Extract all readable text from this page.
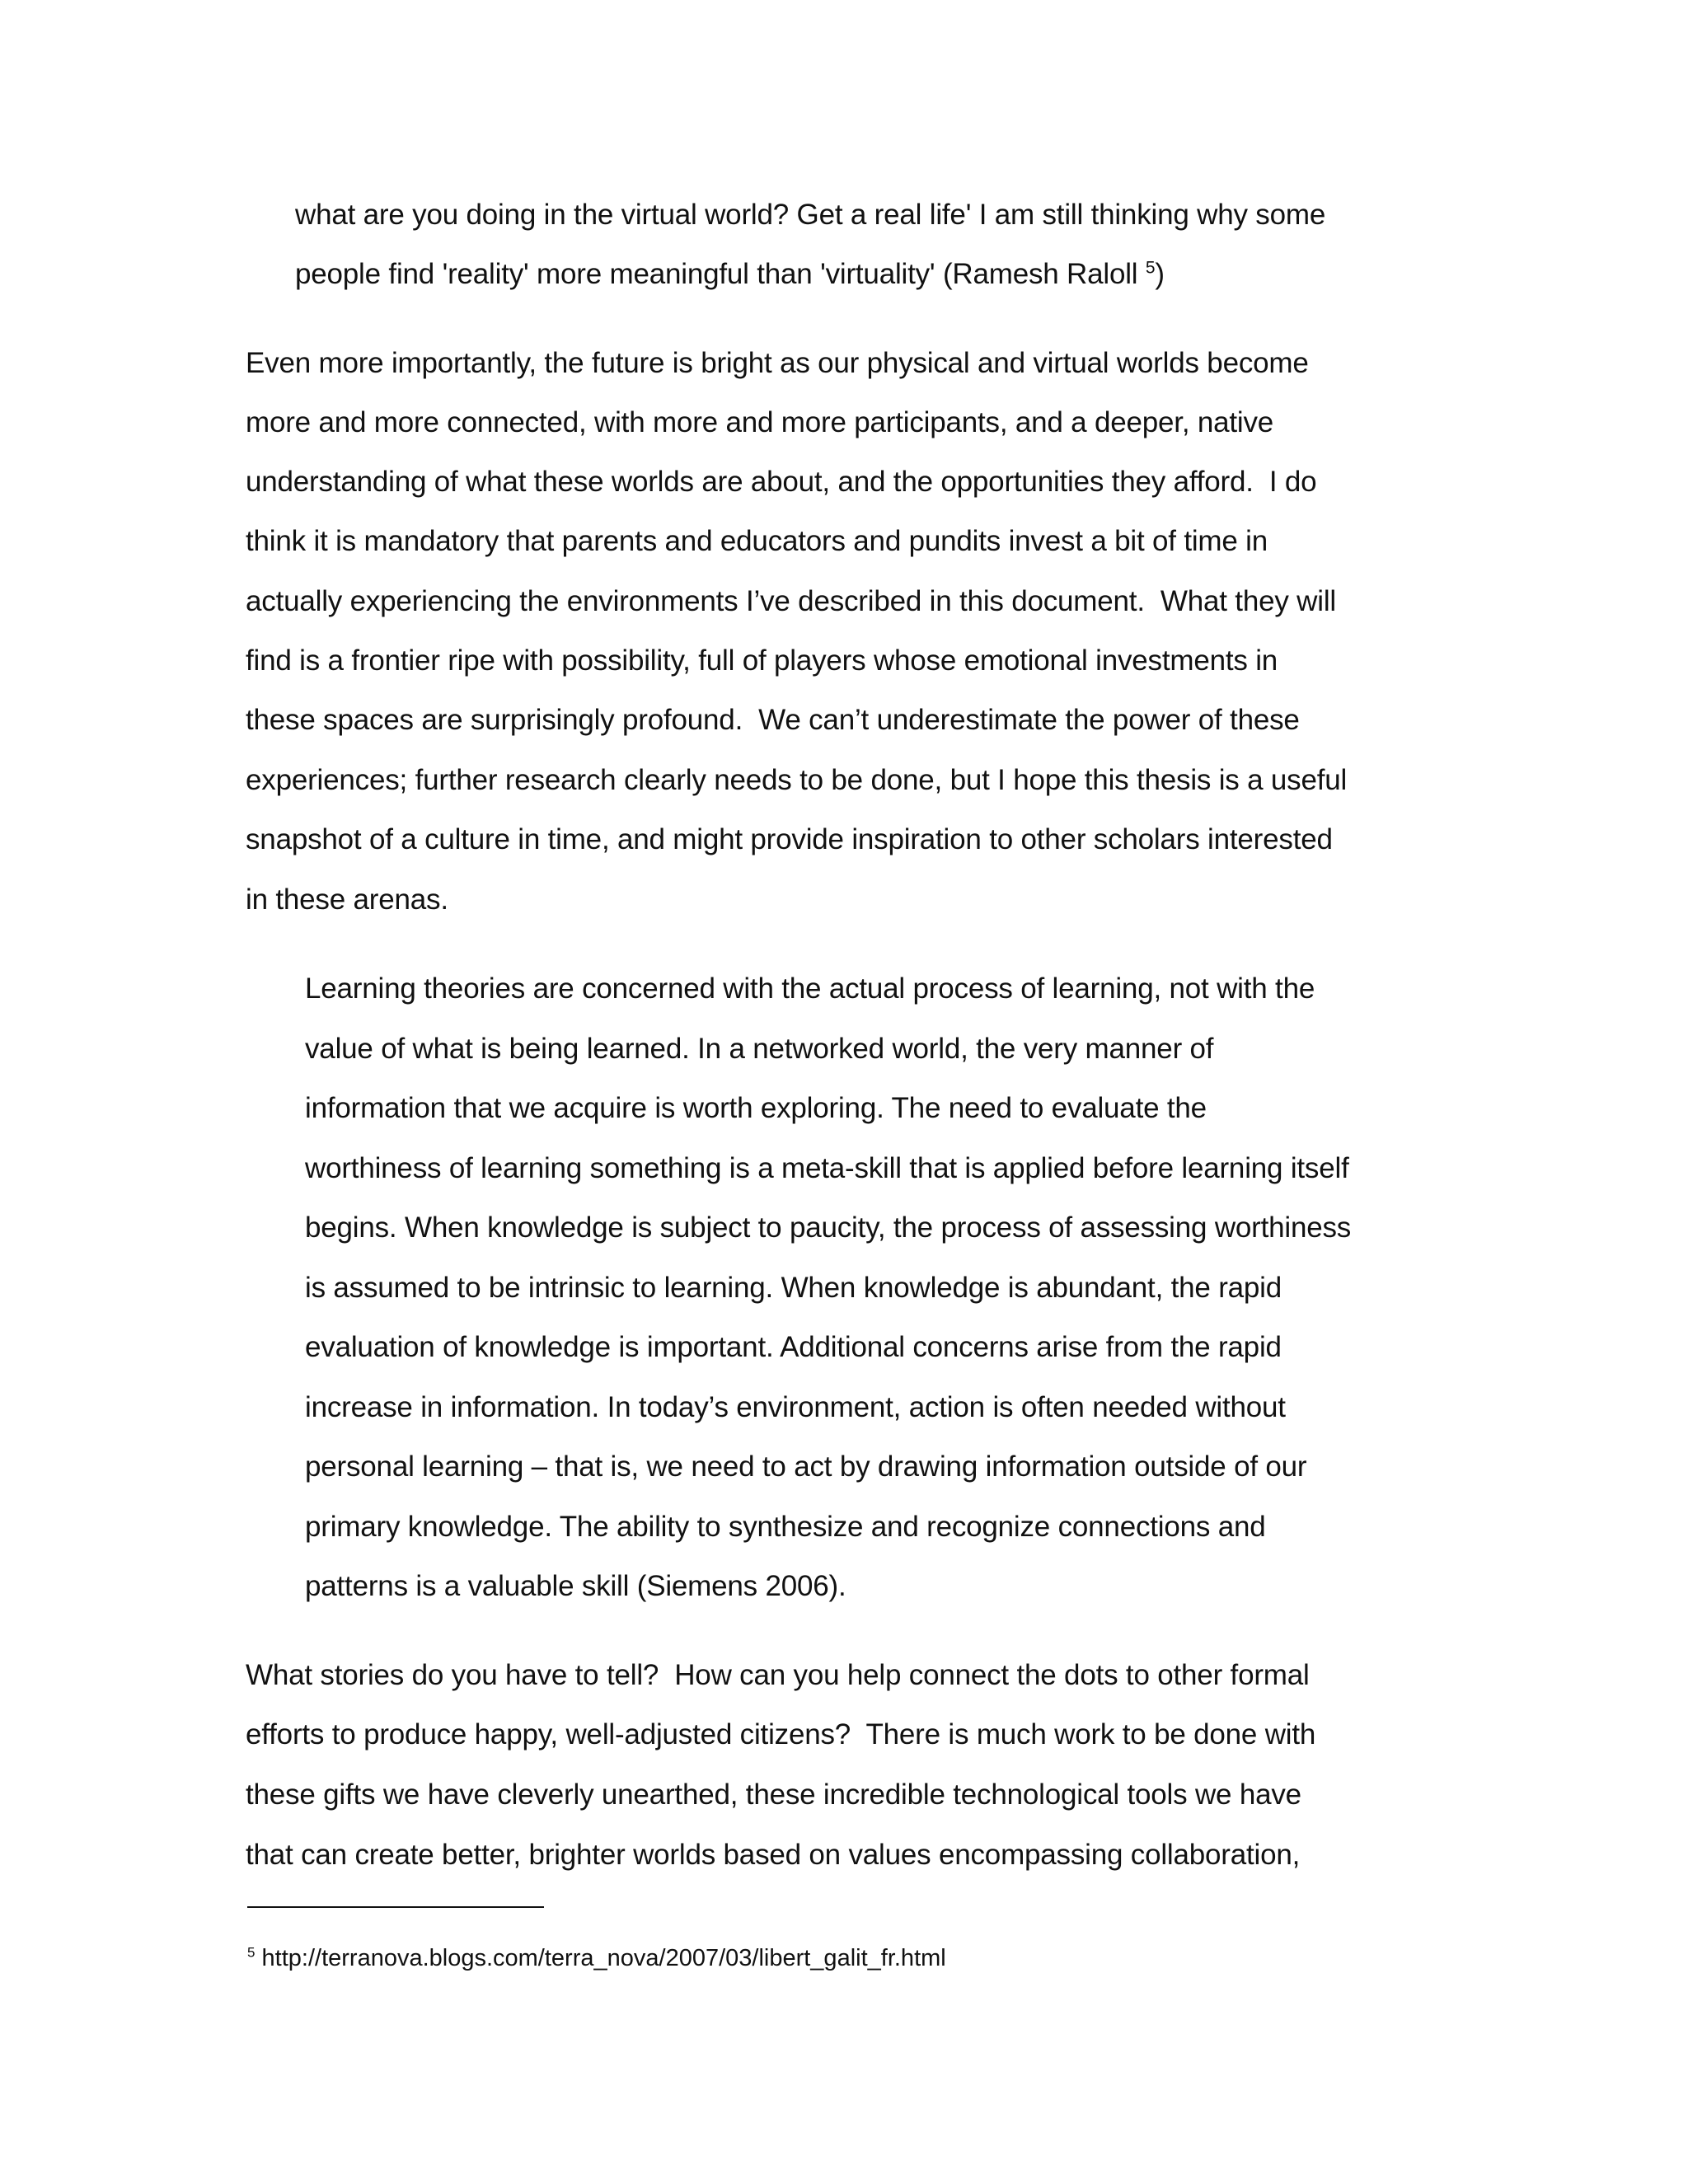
what are you doing in the virtual world? Get a real life' I am still thinking why some
people find 'reality' more meaningful than 'virtuality' (Ramesh Raloll $^5$)
Even more importantly, the future is bright as our physical and virtual worlds become
more and more connected, with more and more participants, and a deeper, native
understanding of what these worlds are about, and the opportunities they afford.  I do
think it is mandatory that parents and educators and pundits invest a bit of time in
actually experiencing the environments I’ve described in this document.  What they will
find is a frontier ripe with possibility, full of players whose emotional investments in
these spaces are surprisingly profound.  We can’t underestimate the power of these
experiences; further research clearly needs to be done, but I hope this thesis is a useful
snapshot of a culture in time, and might provide inspiration to other scholars interested
in these arenas.
Learning theories are concerned with the actual process of learning, not with the
value of what is being learned. In a networked world, the very manner of
information that we acquire is worth exploring. The need to evaluate the
worthiness of learning something is a meta-skill that is applied before learning itself
begins. When knowledge is subject to paucity, the process of assessing worthiness
is assumed to be intrinsic to learning. When knowledge is abundant, the rapid
evaluation of knowledge is important. Additional concerns arise from the rapid
increase in information. In today’s environment, action is often needed without
personal learning – that is, we need to act by drawing information outside of our
primary knowledge. The ability to synthesize and recognize connections and
patterns is a valuable skill (Siemens 2006).
What stories do you have to tell?  How can you help connect the dots to other formal
efforts to produce happy, well-adjusted citizens?  There is much work to be done with
these gifts we have cleverly unearthed, these incredible technological tools we have
that can create better, brighter worlds based on values encompassing collaboration,
$^5$ http://terranova.blogs.com/terra_nova/2007/03/libert_galit_fr.html
